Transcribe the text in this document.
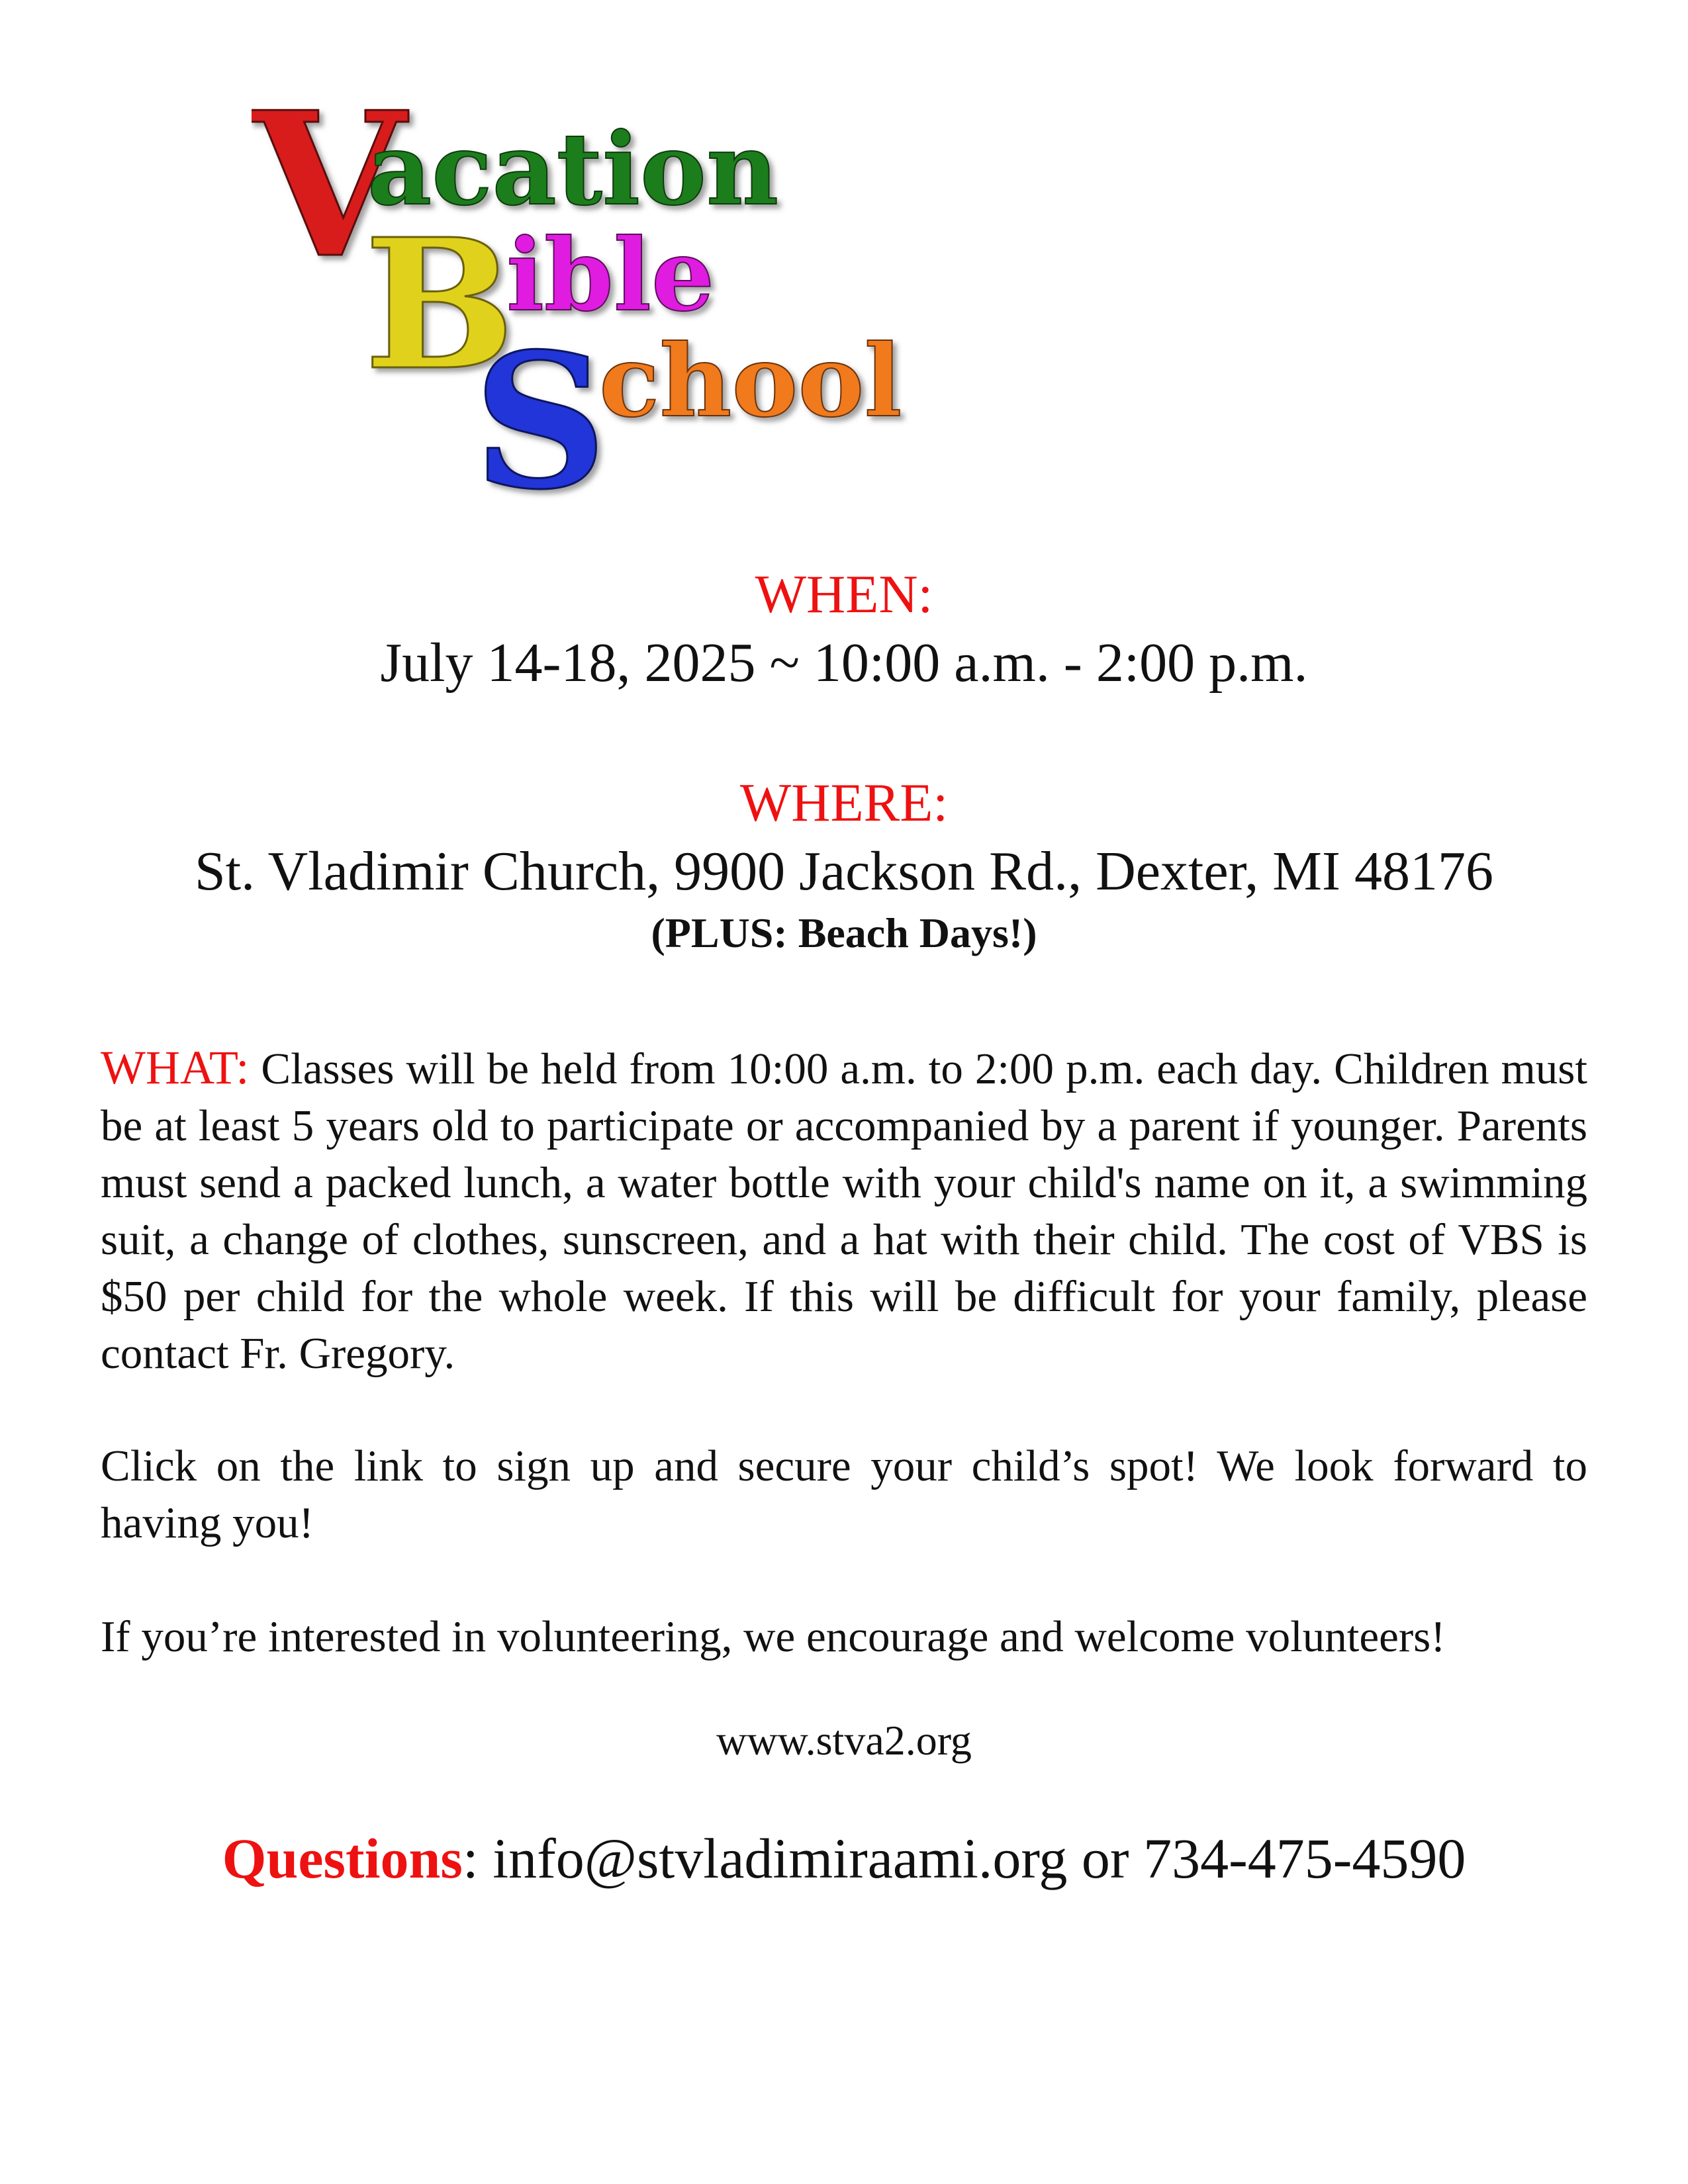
V
acation
B
ible
S
chool
WHEN:
July 14-18, 2025 ~ 10:00 a.m. - 2:00 p.m.
WHERE:
St. Vladimir Church, 9900 Jackson Rd., Dexter, MI 48176
(PLUS: Beach Days!)
WHAT: Classes will be held from 10:00 a.m. to 2:00 p.m. each day. Children must be at least 5 years old to participate or accompanied by a parent if younger. Parents must send a packed lunch, a water bottle with your child's name on it, a swimming suit, a change of clothes, sunscreen, and a hat with their child. The cost of VBS is $50 per child for the whole week. If this will be difficult for your family, please contact Fr. Gregory.
Click on the link to sign up and secure your child’s spot! We look forward to having you!
If you’re interested in volunteering, we encourage and welcome volunteers!
www.stva2.org
Questions: info@stvladimiraami.org or 734-475-4590
